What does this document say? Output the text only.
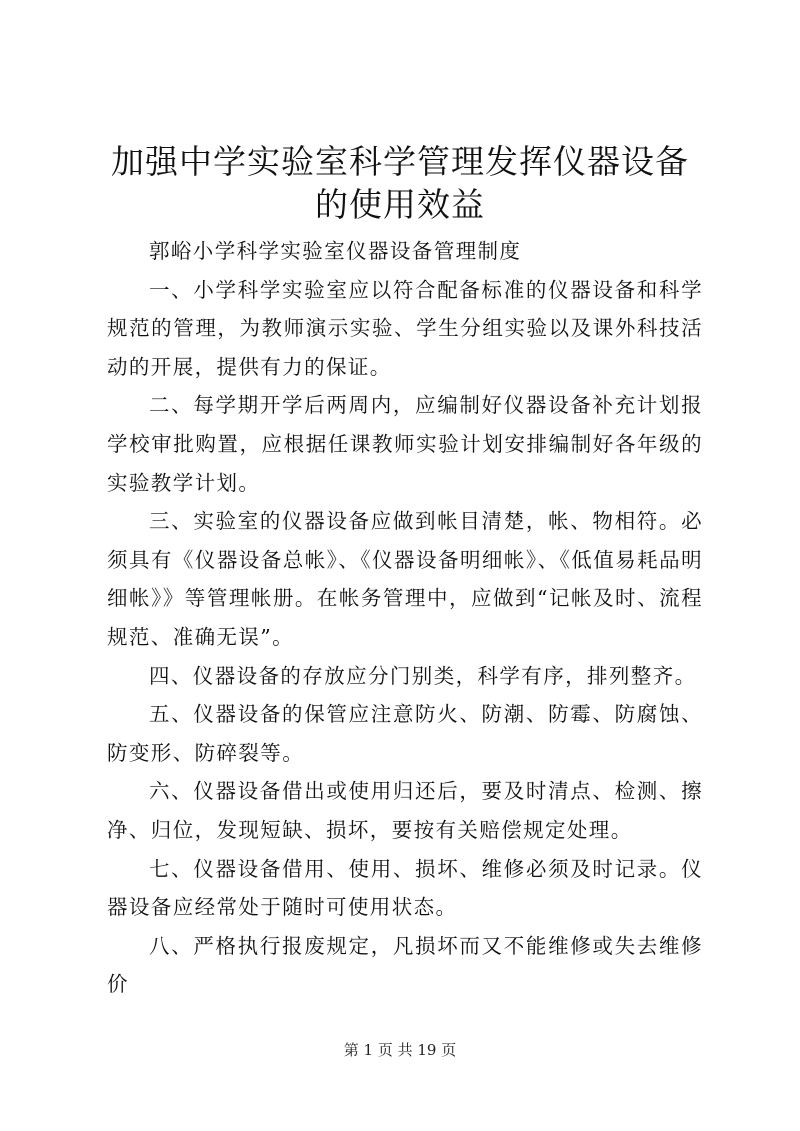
加强中学实验室科学管理发挥仪器设备的使用效益

郭峪小学科学实验室仪器设备管理制度

一、小学科学实验室应以符合配备标准的仪器设备和科学规范的管理，为教师演示实验、学生分组实验以及课外科技活动的开展，提供有力的保证。

二、每学期开学后两周内，应编制好仪器设备补充计划报学校审批购置，应根据任课教师实验计划安排编制好各年级的实验教学计划。

三、实验室的仪器设备应做到帐目清楚，帐、物相符。必须具有《仪器设备总帐》、《仪器设备明细帐》、《低值易耗品明细帐》》等管理帐册。在帐务管理中，应做到“记帐及时、流程规范、准确无误”。

四、仪器设备的存放应分门别类，科学有序，排列整齐。

五、仪器设备的保管应注意防火、防潮、防霉、防腐蚀、防变形、防碎裂等。

六、仪器设备借出或使用归还后，要及时清点、检测、擦净、归位，发现短缺、损坏，要按有关赔偿规定处理。

七、仪器设备借用、使用、损坏、维修必须及时记录。仪器设备应经常处于随时可使用状态。

八、严格执行报废规定，凡损坏而又不能维修或失去维修价

第 1 页 共 19 页
